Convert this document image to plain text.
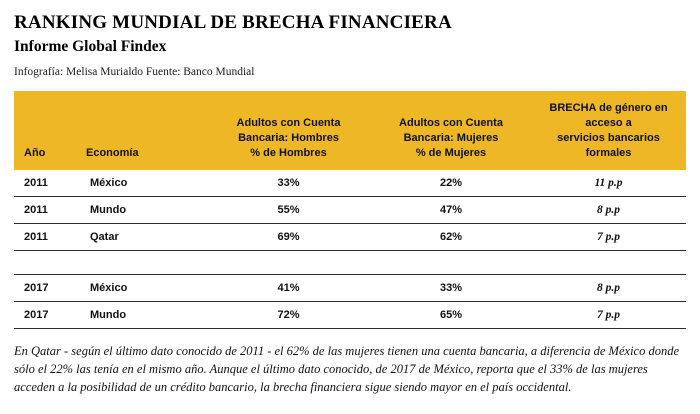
RANKING MUNDIAL DE BRECHA FINANCIERA
Informe Global Findex

Infografía: Melisa Murialdo Fuente: Banco Mundial

Año	Economía	Adultos con Cuenta
Bancaria: Hombres
% de Hombres	Adultos con Cuenta
Bancaria: Mujeres
% de Mujeres	BRECHA de género en acceso a
servicios bancarios formales
2011	México	33%	22%	11 p.p
2011	Mundo	55%	47%	8 p.p
2011	Qatar	69%	62%	7 p.p

2017	México	41%	33%	8 p.p
2017	Mundo	72%	65%	7 p.p

En Qatar - según el último dato conocido de 2011 - el 62% de las mujeres tienen una cuenta bancaria, a diferencia de México donde sólo el 22% las tenía en el mismo año. Aunque el último dato conocido, de 2017 de México, reporta que el 33% de las mujeres acceden a la posibilidad de un crédito bancario, la brecha financiera sigue siendo mayor en el país occidental.
